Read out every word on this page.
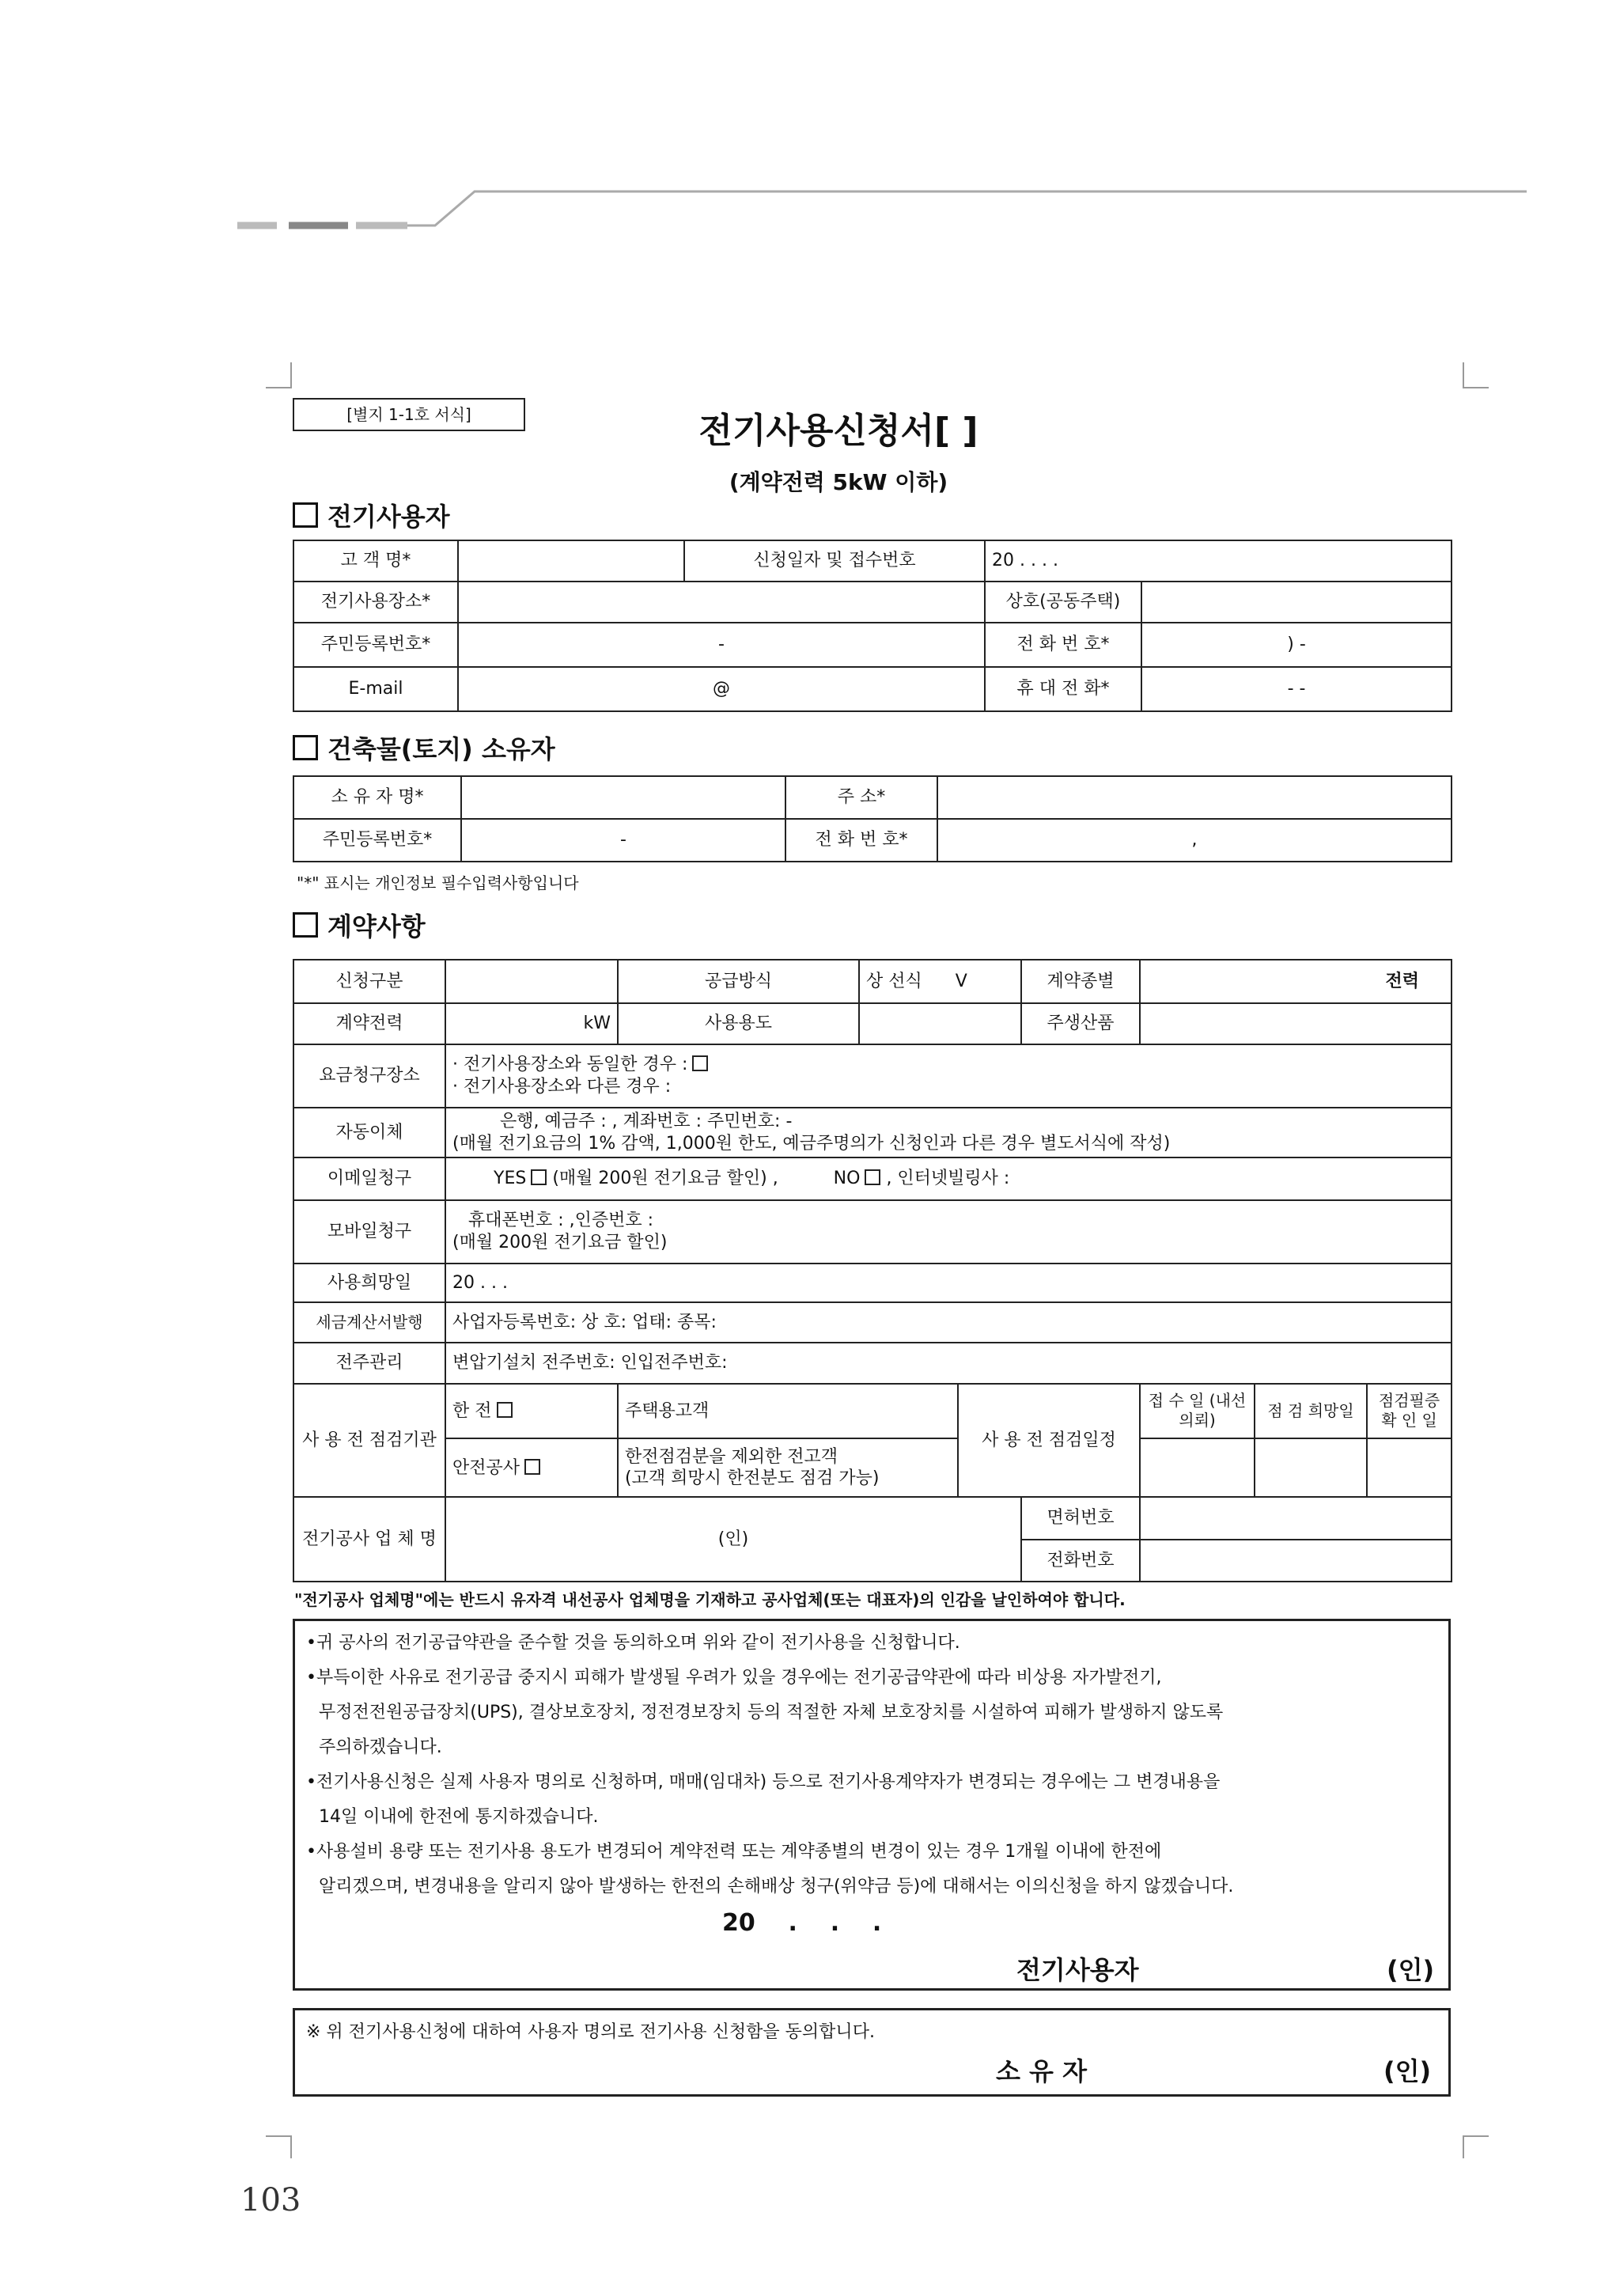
[별지 1-1호 서식]	전기사용신청서[ ]
(계약전력 5kW 이하)
전기사용자
고 객 명*		신청일자 및 접수번호	20 . . . .	
전기사용장소*			상호(공동주택)	
주민등록번호*	-		전 화 번 호*	) -
E-mail	@		휴 대 전 화*	- -
건축물(토지) 소유자
소 유 자 명*		주 소*	
주민등록번호*	-	전 화 번 호*	,
"*" 표시는 개인정보 필수입력사항입니다
계약사항
신청구분		공급방식	상 선식 V		계약종별	전력		
계약전력	kW	사용용도			주생산품			
요금청구장소	· 전기사용장소와 동일한 경우 :
· 전기사용장소와 다른 경우 :							

자동이체	은행, 예금주 : , 계좌번호 : 주민번호: -
(매월 전기요금의 1% 감액, 1,000원 한도, 예금주명의가 신청인과 다른 경우 별도서식에 작성)							

이메일청구	YES (매월 200원 전기요금 할인) , NO , 인터넷빌링사 :							
모바일청구	휴대폰번호 : ,인증번호 :
(매월 200원 전기요금 할인)							

사용희망일	20 . . .							
세금계산서발행	사업자등록번호: 상 호: 업태: 종목:							
전주관리	변압기설치 전주번호: 인입전주번호:							
사 용 전 점검기관	한 전	주택용고객		사 용 전 점검일정		접 수 일 (내선의뢰)	점 검 희망일	점검필증 확 인 일
	안전공사	한전점검분을 제외한 전고객
(고객 희망시 한전분도 점검 가능)						

전기공사 업 체 명	(인)				면허번호			
					전화번호			
"전기공사 업체명"에는 반드시 유자격 내선공사 업체명을 기재하고 공사업체(또는 대표자)의 인감을 날인하여야 합니다.
•귀 공사의 전기공급약관을 준수할 것을 동의하오며 위와 같이 전기사용을 신청합니다.
•부득이한 사유로 전기공급 중지시 피해가 발생될 우려가 있을 경우에는 전기공급약관에 따라 비상용 자가발전기,
무정전전원공급장치(UPS), 결상보호장치, 정전경보장치 등의 적절한 자체 보호장치를 시설하여 피해가 발생하지 않도록
주의하겠습니다.
•전기사용신청은 실제 사용자 명의로 신청하며, 매매(임대차) 등으로 전기사용계약자가 변경되는 경우에는 그 변경내용을
14일 이내에 한전에 통지하겠습니다.
•사용설비 용량 또는 전기사용 용도가 변경되어 계약전력 또는 계약종별의 변경이 있는 경우 1개월 이내에 한전에
알리겠으며, 변경내용을 알리지 않아 발생하는 한전의 손해배상 청구(위약금 등)에 대해서는 이의신청을 하지 않겠습니다.
20    .    .    .
전기사용자	(인)
※ 위 전기사용신청에 대하여 사용자 명의로 전기사용 신청함을 동의합니다.
소 유 자	(인)
103
